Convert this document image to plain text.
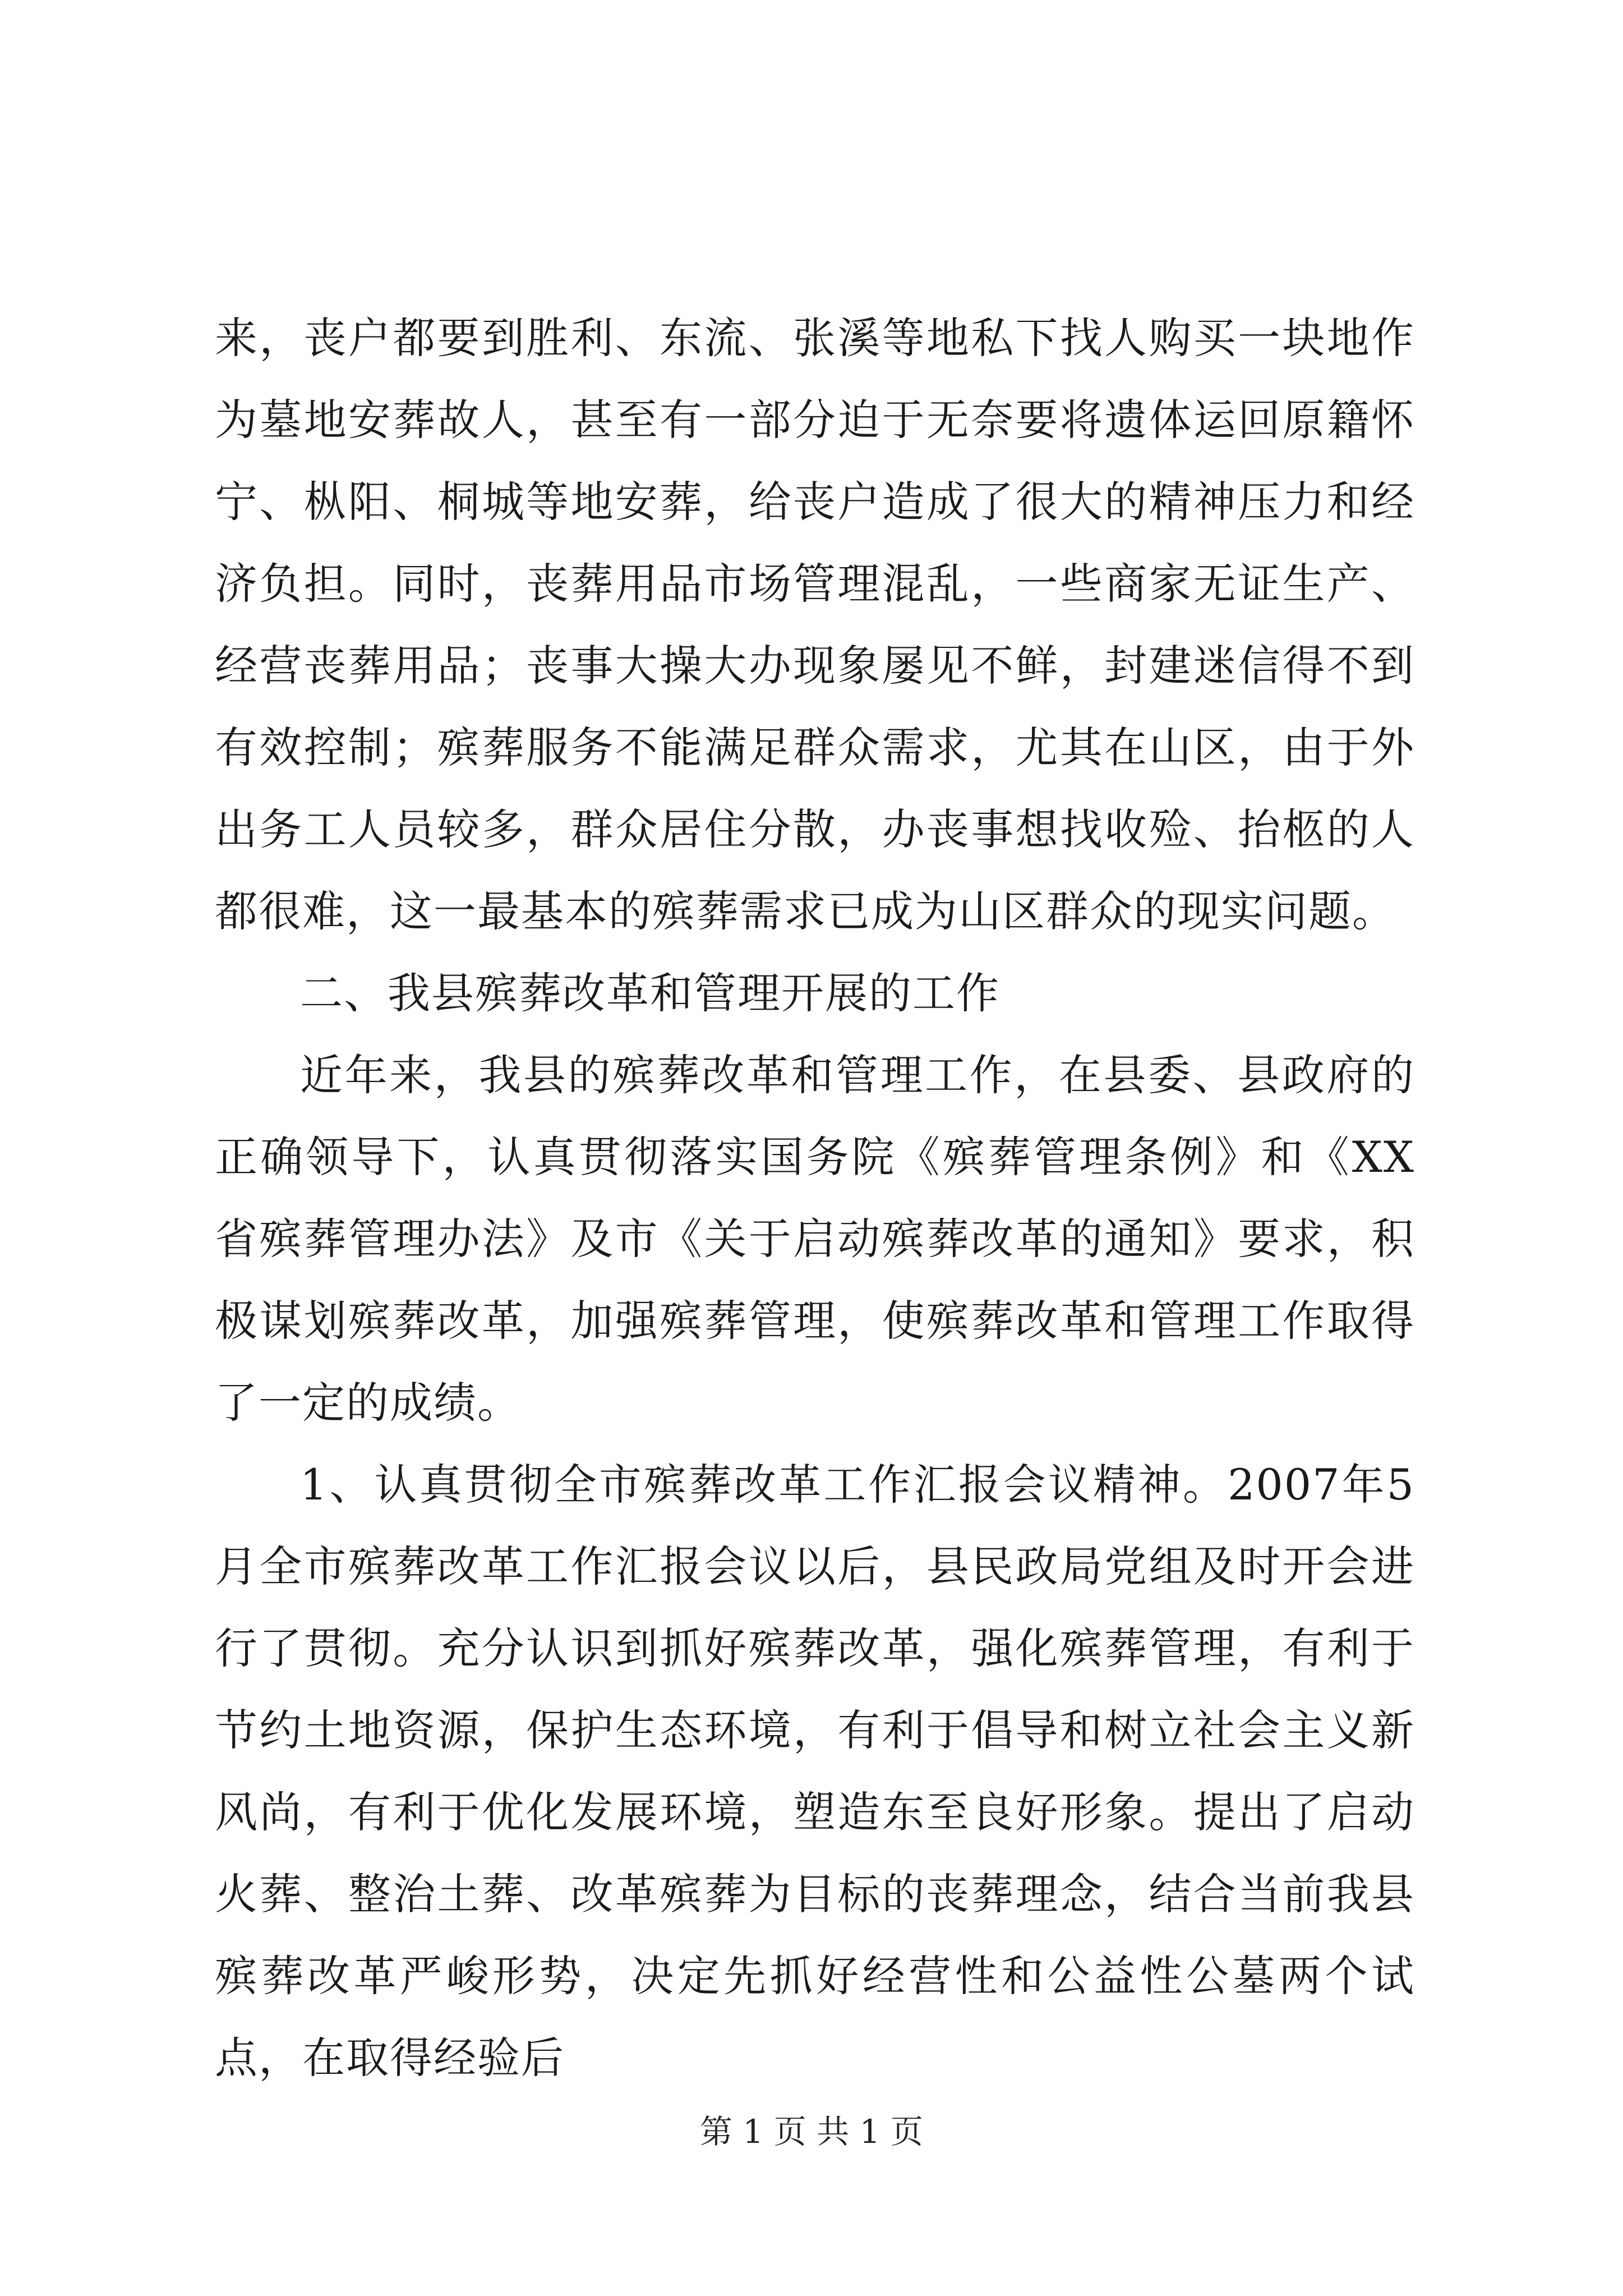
来，丧户都要到胜利、东流、张溪等地私下找人购买一块地作为墓地安葬故人，甚至有一部分迫于无奈要将遗体运回原籍怀宁、枞阳、桐城等地安葬，给丧户造成了很大的精神压力和经济负担。同时，丧葬用品市场管理混乱，一些商家无证生产、经营丧葬用品；丧事大操大办现象屡见不鲜，封建迷信得不到有效控制；殡葬服务不能满足群众需求，尤其在山区，由于外出务工人员较多，群众居住分散，办丧事想找收殓、抬柩的人都很难，这一最基本的殡葬需求已成为山区群众的现实问题。

二、我县殡葬改革和管理开展的工作

近年来，我县的殡葬改革和管理工作，在县委、县政府的正确领导下，认真贯彻落实国务院《殡葬管理条例》和《XX省殡葬管理办法》及市《关于启动殡葬改革的通知》要求，积极谋划殡葬改革，加强殡葬管理，使殡葬改革和管理工作取得了一定的成绩。

1、认真贯彻全市殡葬改革工作汇报会议精神。2007年5月全市殡葬改革工作汇报会议以后，县民政局党组及时开会进行了贯彻。充分认识到抓好殡葬改革，强化殡葬管理，有利于节约土地资源，保护生态环境，有利于倡导和树立社会主义新风尚，有利于优化发展环境，塑造东至良好形象。提出了启动火葬、整治土葬、改革殡葬为目标的丧葬理念，结合当前我县殡葬改革严峻形势，决定先抓好经营性和公益性公墓两个试点，在取得经验后

第 1 页 共 1 页
